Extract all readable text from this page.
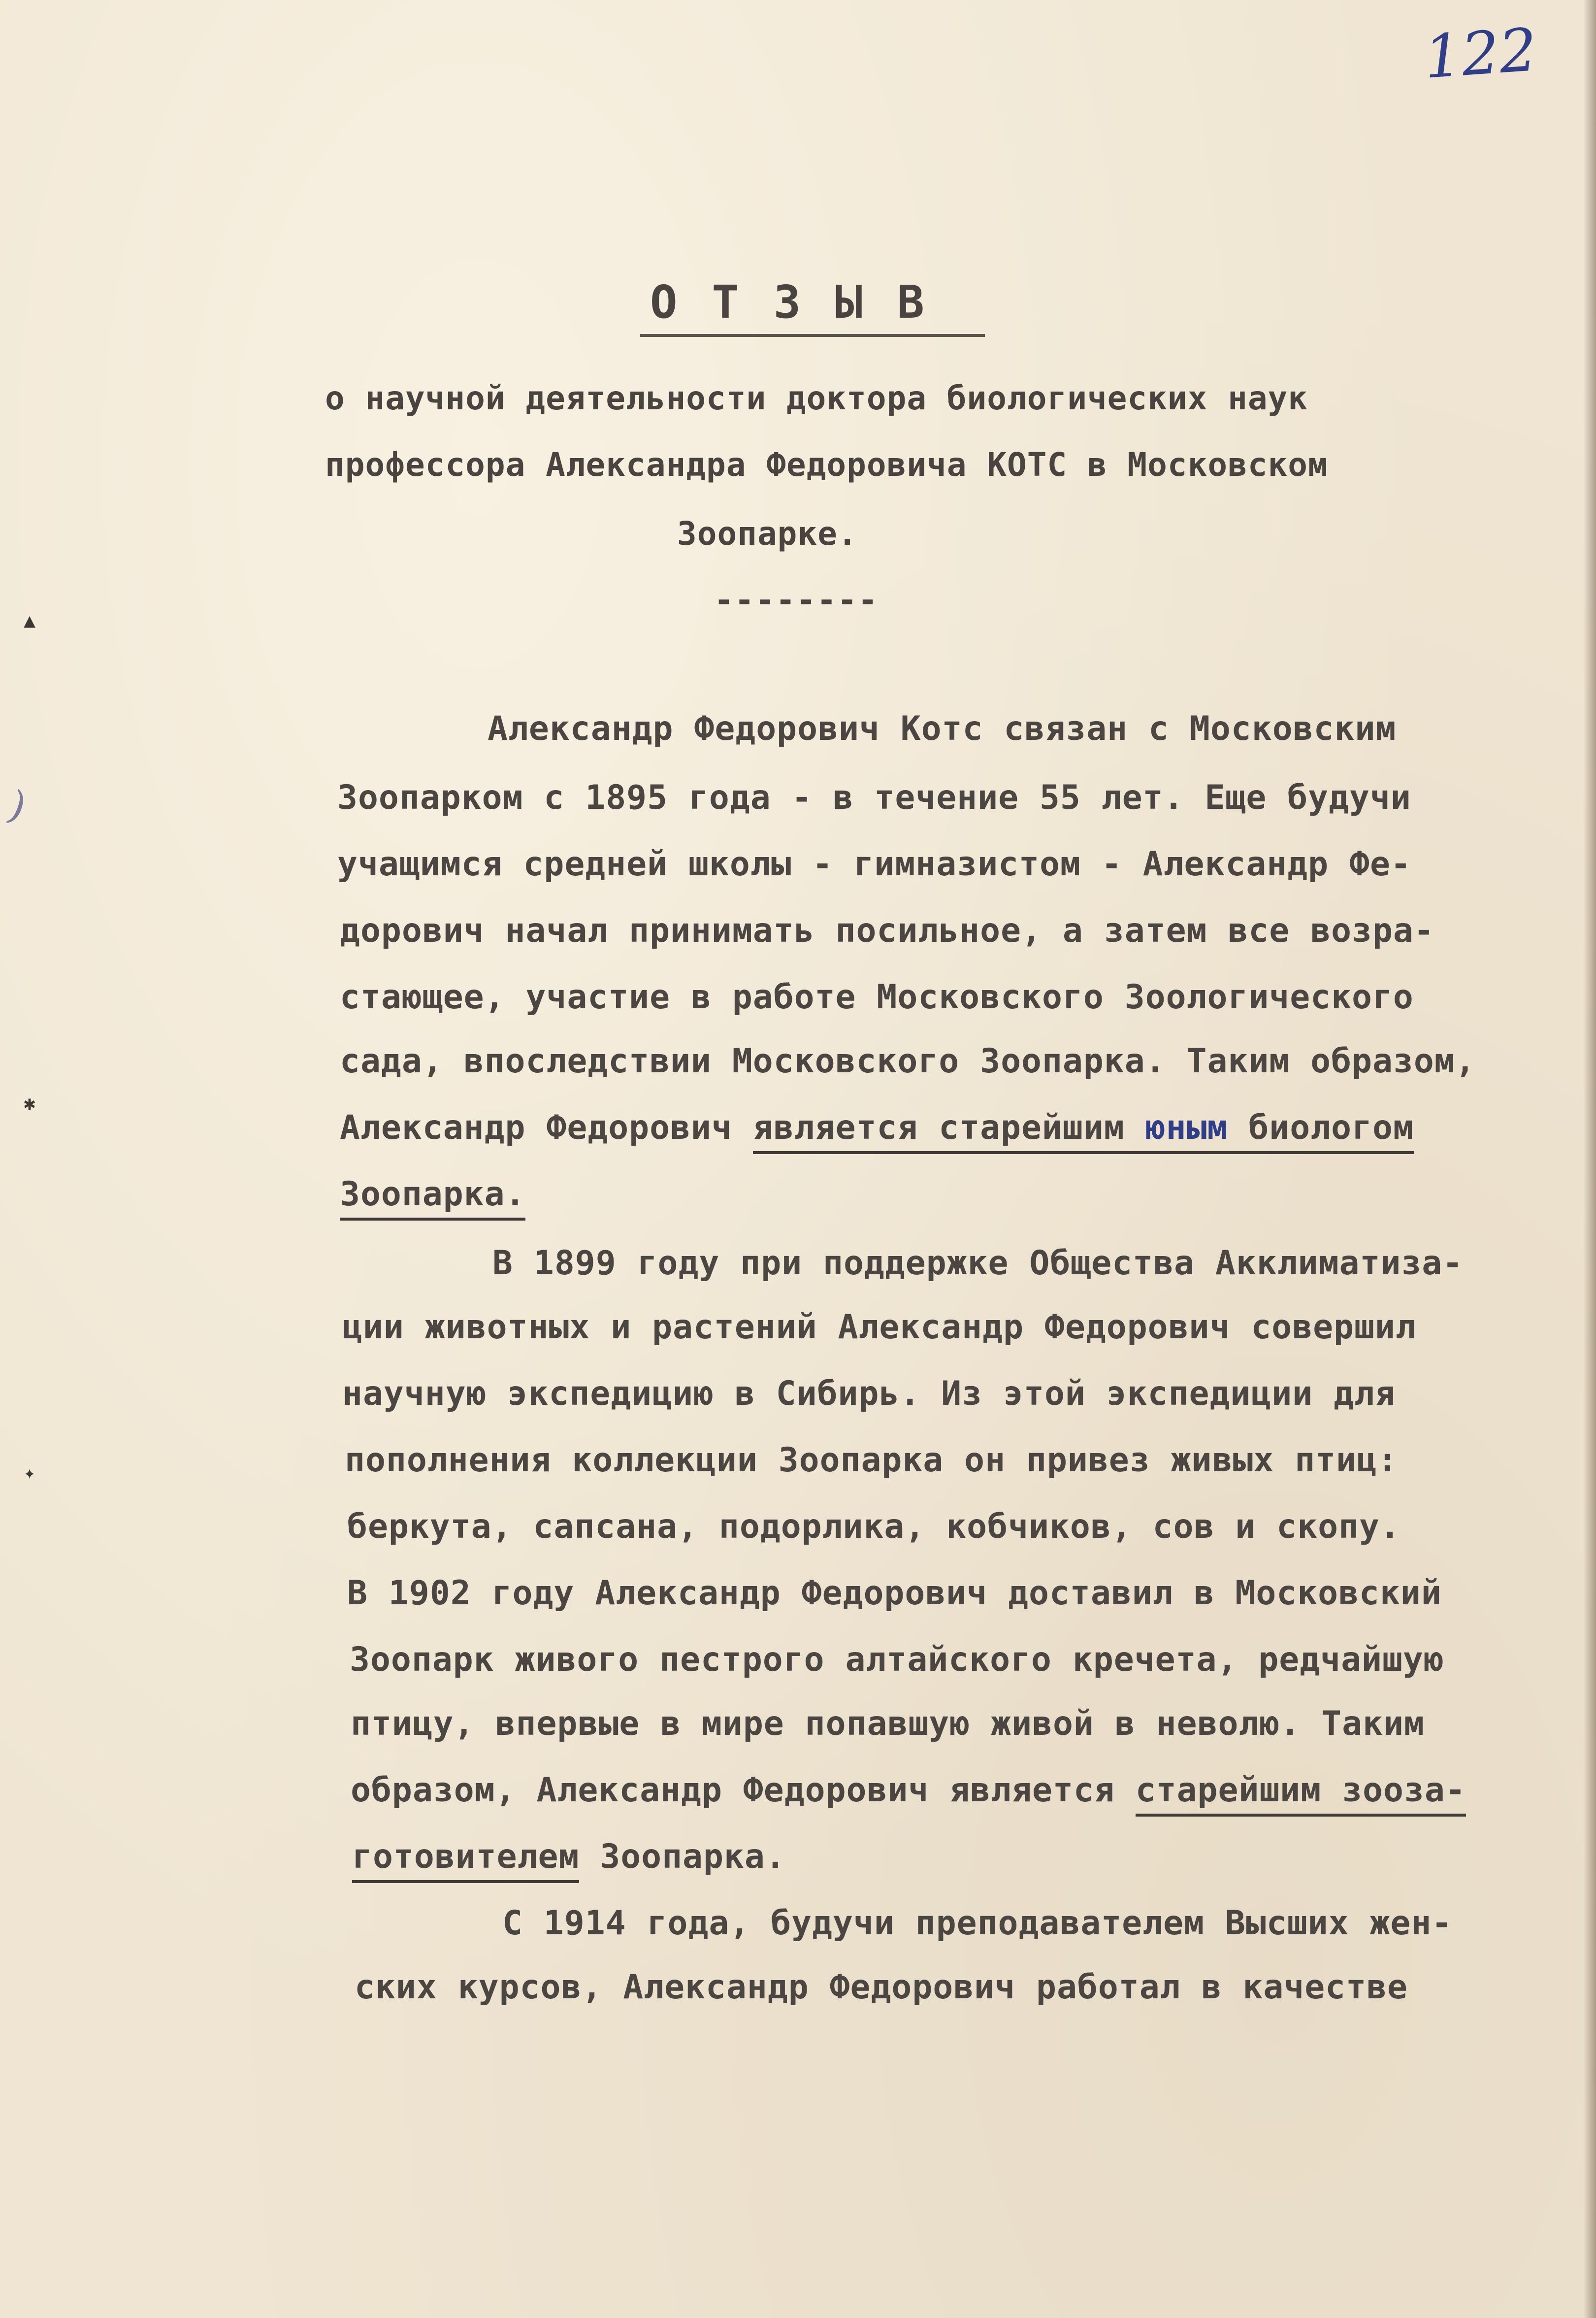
122
▲
✱
✦
)
ОТЗЫВ
о научной деятельности доктора биологических наук
профессора Александра Федоровича КОТС в Московском
Зоопарке.
--------
Александр Федорович Котс связан с Московским
Зоопарком с 1895 года - в течение 55 лет. Еще будучи
учащимся средней школы - гимназистом - Александр Фе-
дорович начал принимать посильное, а затем все возра-
стающее, участие в работе Московского Зоологического
сада, впоследствии Московского Зоопарка. Таким образом,
Александр Федорович является старейшим юным биологом
Зоопарка.
В 1899 году при поддержке Общества Акклиматиза-
ции животных и растений Александр Федорович совершил
научную экспедицию в Сибирь. Из этой экспедиции для
пополнения коллекции Зоопарка он привез живых птиц:
беркута, сапсана, подорлика, кобчиков, сов и скопу.
В 1902 году Александр Федорович доставил в Московский
Зоопарк живого пестрого алтайского кречета, редчайшую
птицу, впервые в мире попавшую живой в неволю. Таким
образом, Александр Федорович является старейшим зооза-
готовителем Зоопарка.
С 1914 года, будучи преподавателем Высших жен-
ских курсов, Александр Федорович работал в качестве
